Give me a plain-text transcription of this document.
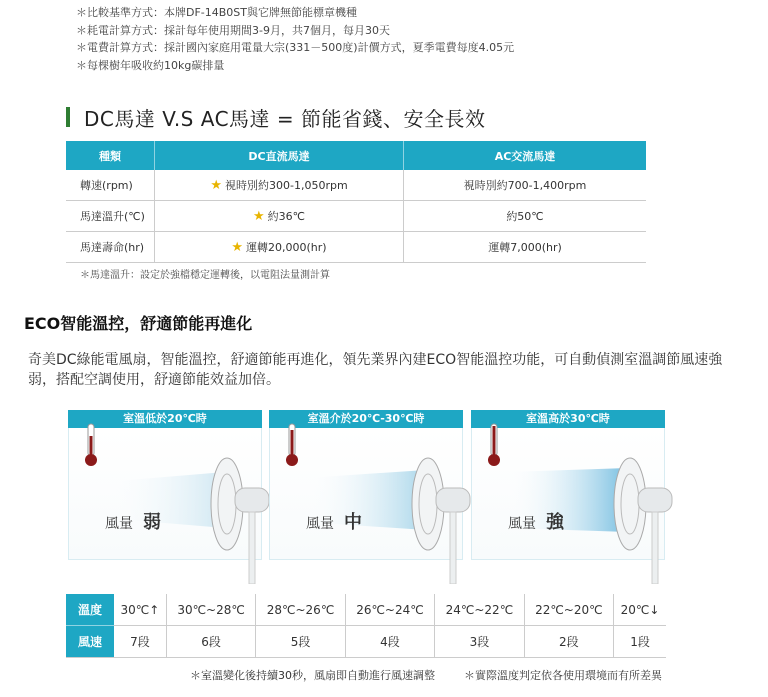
＊比較基準方式：本牌DF-14B0ST與它牌無節能標章機種
＊耗電計算方式：採計每年使用期間3-9月，共7個月，每月30天
＊電費計算方式：採計國內家庭用電量大宗(331－500度)計價方式，夏季電費每度4.05元
＊每棵樹年吸收約10kg碳排量
DC馬達 V.S AC馬達 = 節能省錢、安全長效
種類	DC直流馬達	AC交流馬達
轉速(rpm)	★ 視時別約300-1,050rpm	視時別約700-1,400rpm
馬達溫升(℃)	★ 約36℃	約50℃
馬達壽命(hr)	★ 運轉20,000(hr)	運轉7,000(hr)
＊馬達溫升：設定於強檔穩定運轉後，以電阻法量測計算
ECO智能溫控，舒適節能再進化
奇美DC綠能電風扇，智能溫控，舒適節能再進化，領先業界內建ECO智能溫控功能，可自動偵測室溫調節風速強弱，搭配空調使用，舒適節能效益加倍。
室溫低於20℃時
風量 弱
室溫介於20℃-30℃時
風量 中
室溫高於30℃時
風量 強
溫度	30℃↑	30℃~28℃	28℃~26℃	26℃~24℃	24℃~22℃	22℃~20℃	20℃↓
風速	7段	6段	5段	4段	3段	2段	1段
＊室溫變化後持續30秒，風扇即自動進行風速調整	＊實際溫度判定依各使用環境而有所差異
